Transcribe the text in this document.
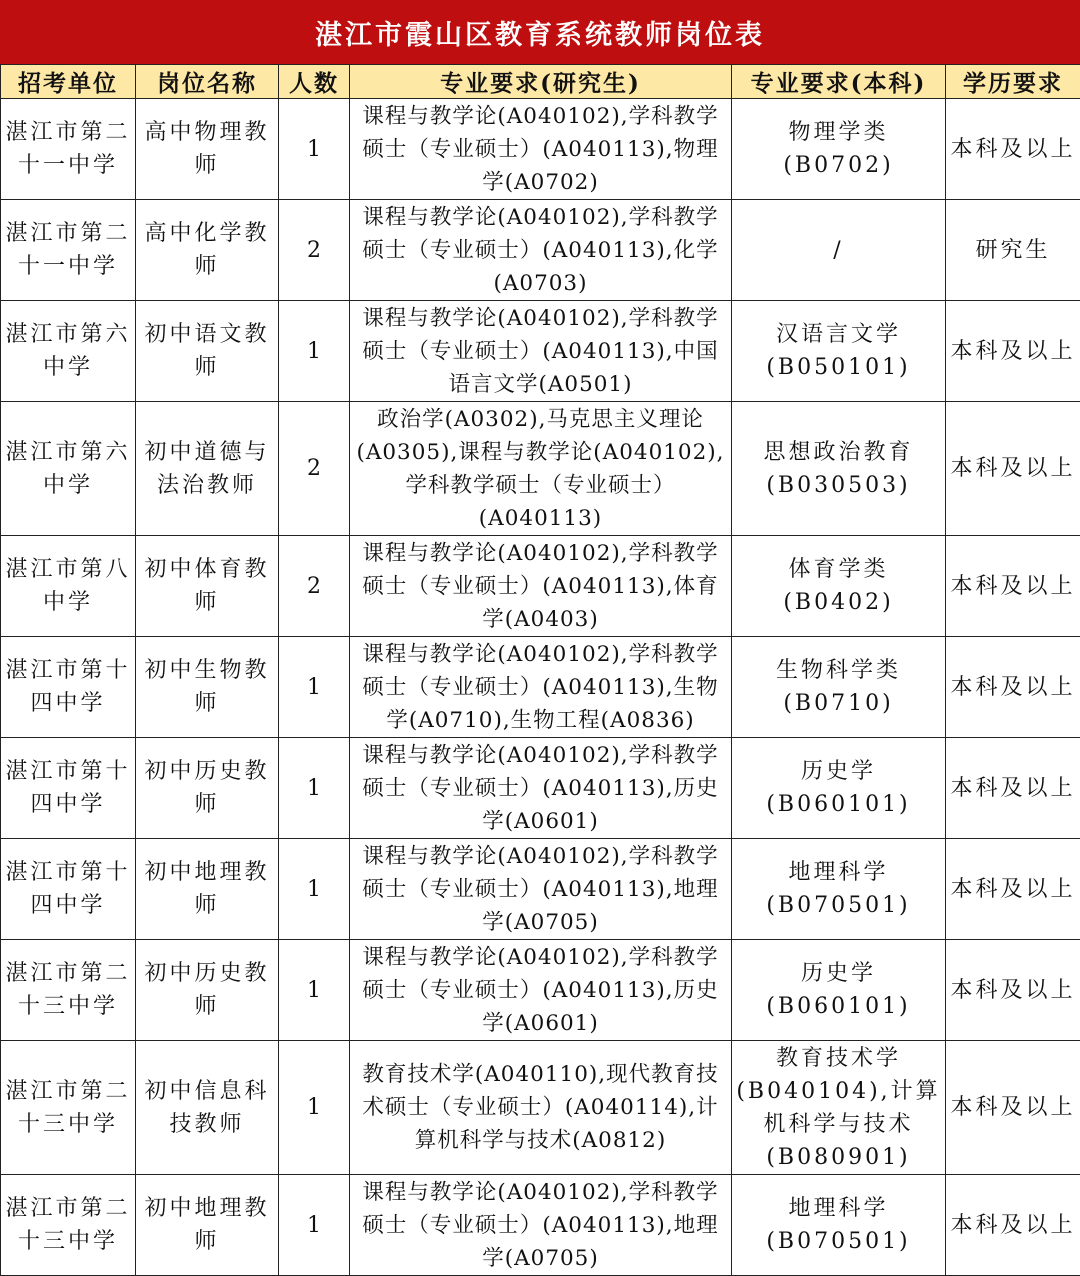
湛江市霞山区教育系统教师岗位表
招考单位	岗位名称	人数	专业要求(研究生)	专业要求(本科)	学历要求
湛江市第二十一中学	高中物理教师	1	课程与教学论(A040102),学科教学硕士（专业硕士）(A040113),物理学(A0702)	物理学类(B0702)	本科及以上
湛江市第二十一中学	高中化学教师	2	课程与教学论(A040102),学科教学硕士（专业硕士）(A040113),化学(A0703)	/	研究生
湛江市第六中学	初中语文教师	1	课程与教学论(A040102),学科教学硕士（专业硕士）(A040113),中国语言文学(A0501)	汉语言文学(B050101)	本科及以上
湛江市第六中学	初中道德与法治教师	2	政治学(A0302),马克思主义理论(A0305),课程与教学论(A040102),学科教学硕士（专业硕士）(A040113)	思想政治教育(B030503)	本科及以上
湛江市第八中学	初中体育教师	2	课程与教学论(A040102),学科教学硕士（专业硕士）(A040113),体育学(A0403)	体育学类(B0402)	本科及以上
湛江市第十四中学	初中生物教师	1	课程与教学论(A040102),学科教学硕士（专业硕士）(A040113),生物学(A0710),生物工程(A0836)	生物科学类(B0710)	本科及以上
湛江市第十四中学	初中历史教师	1	课程与教学论(A040102),学科教学硕士（专业硕士）(A040113),历史学(A0601)	历史学(B060101)	本科及以上
湛江市第十四中学	初中地理教师	1	课程与教学论(A040102),学科教学硕士（专业硕士）(A040113),地理学(A0705)	地理科学(B070501)	本科及以上
湛江市第二十三中学	初中历史教师	1	课程与教学论(A040102),学科教学硕士（专业硕士）(A040113),历史学(A0601)	历史学(B060101)	本科及以上
湛江市第二十三中学	初中信息科技教师	1	教育技术学(A040110),现代教育技术硕士（专业硕士）(A040114),计算机科学与技术(A0812)	教育技术学(B040104),计算机科学与技术(B080901)	本科及以上
湛江市第二十三中学	初中地理教师	1	课程与教学论(A040102),学科教学硕士（专业硕士）(A040113),地理学(A0705)	地理科学(B070501)	本科及以上
